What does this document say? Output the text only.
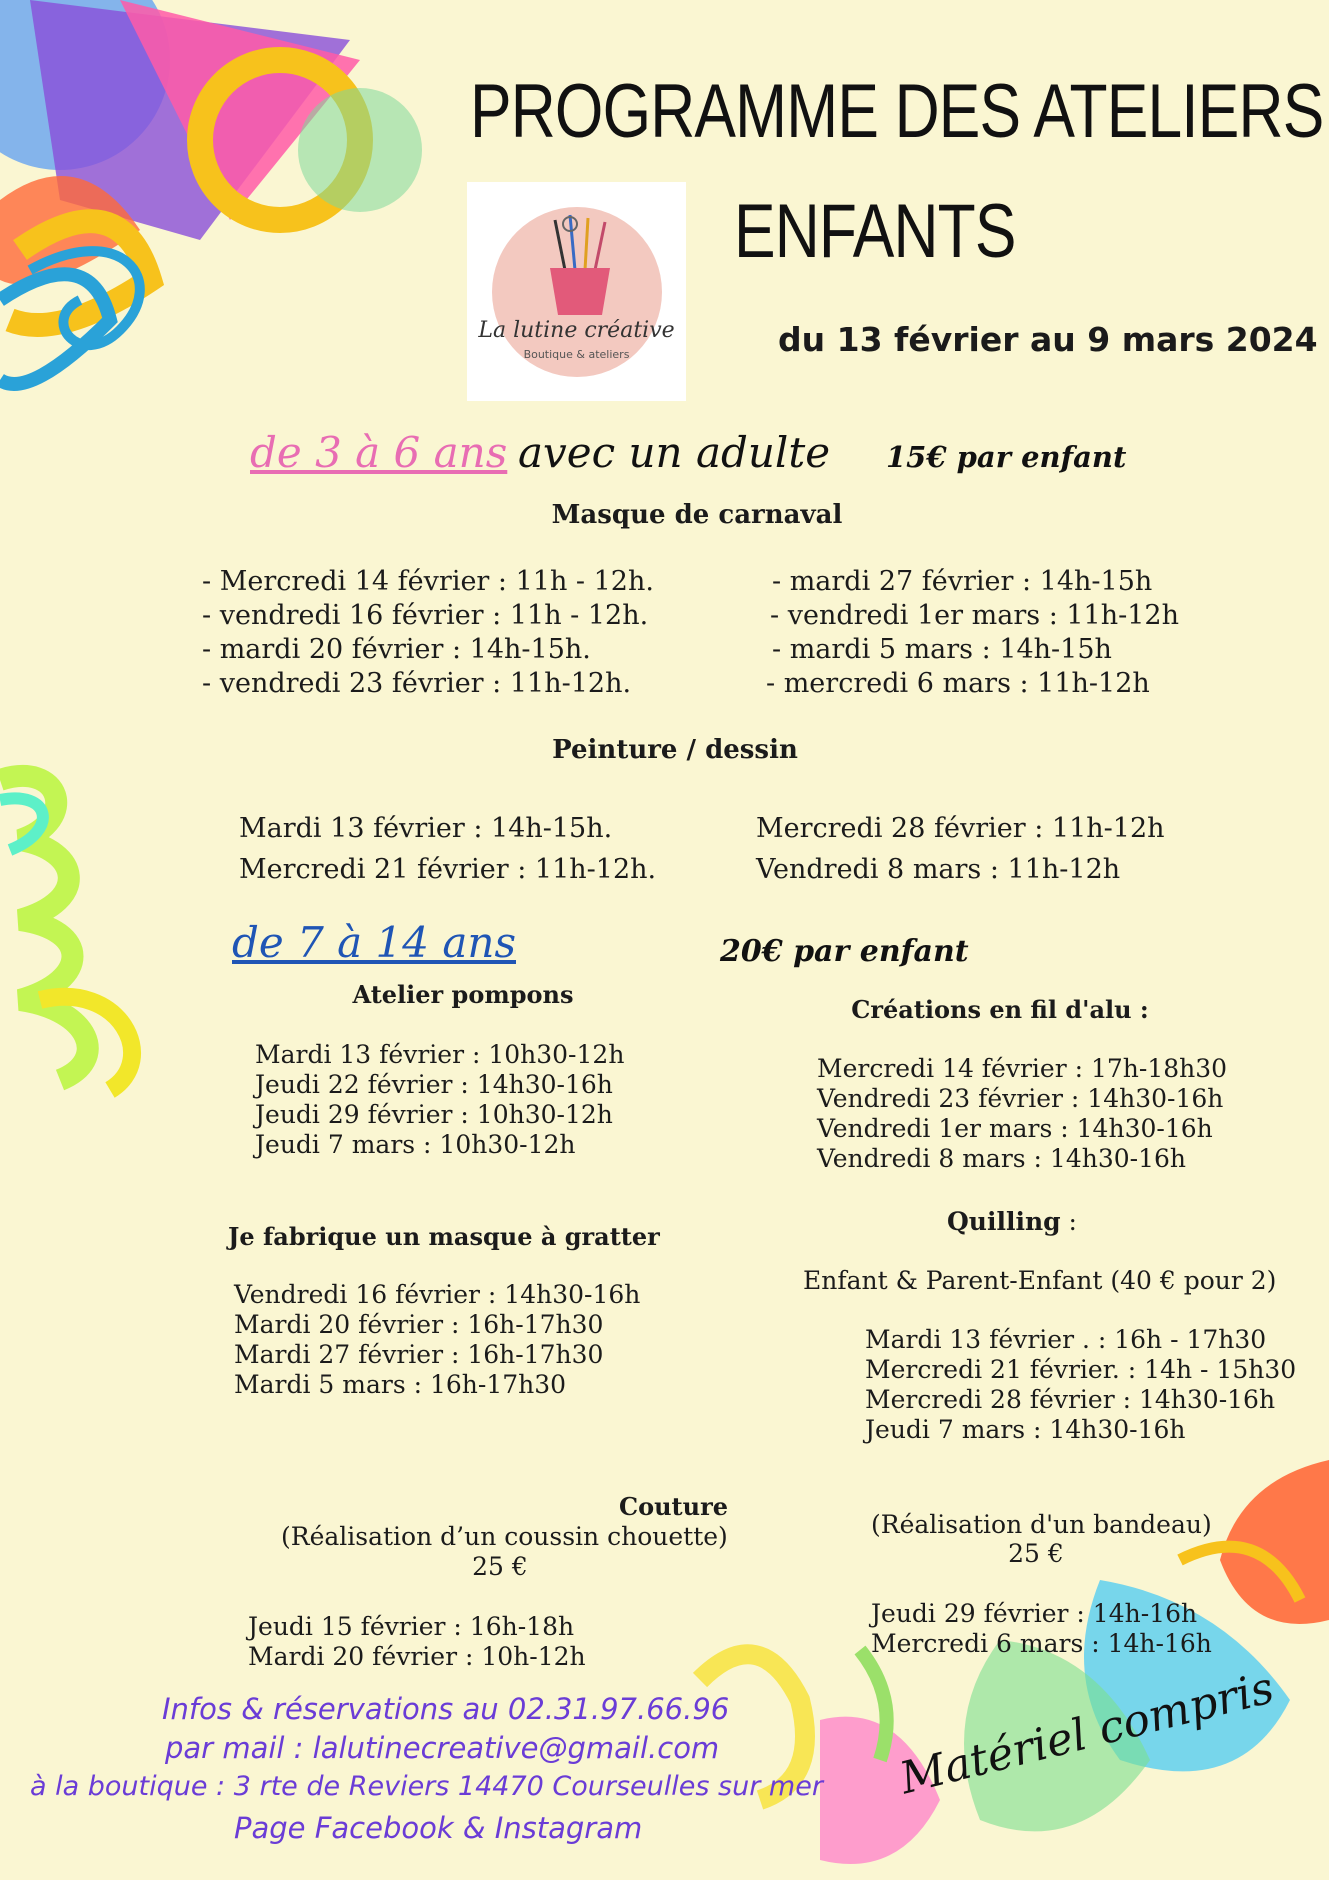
PROGRAMME DES ATELIERS
ENFANTS
La lutine créative
Boutique & ateliers	du 13 février au 9 mars 2024
de 3 à 6 ans avec un adulte 15€ par enfant
Masque de carnaval
- Mercredi 14 février : 11h - 12h.
- vendredi 16 février : 11h - 12h.
- mardi 20 février : 14h-15h.
- vendredi 23 février : 11h-12h.
- mardi 27 février : 14h-15h
- vendredi 1er mars : 11h-12h
- mardi 5 mars : 14h-15h
- mercredi 6 mars : 11h-12h
Peinture / dessin
Mardi 13 février : 14h-15h.
Mercredi 21 février : 11h-12h.
Mercredi 28 février : 11h-12h
Vendredi 8 mars : 11h-12h
de 7 à 14 ans	20€ par enfant
Atelier pompons
Mardi 13 février : 10h30-12h
Jeudi 22 février : 14h30-16h
Jeudi 29 février : 10h30-12h
Jeudi 7 mars : 10h30-12h
Créations en fil d'alu :
Mercredi 14 février : 17h-18h30
Vendredi 23 février : 14h30-16h
Vendredi 1er mars : 14h30-16h
Vendredi 8 mars : 14h30-16h
Je fabrique un masque à gratter
Vendredi 16 février : 14h30-16h
Mardi 20 février : 16h-17h30
Mardi 27 février : 16h-17h30
Mardi 5 mars : 16h-17h30
Quilling :
Enfant & Parent-Enfant (40 € pour 2)
Mardi 13 février . : 16h - 17h30
Mercredi 21 février. : 14h - 15h30
Mercredi 28 février : 14h30-16h
Jeudi 7 mars : 14h30-16h
Couture
(Réalisation d’un coussin chouette)
25 €
Jeudi 15 février : 16h-18h
Mardi 20 février : 10h-12h
(Réalisation d'un bandeau)
25 €
Jeudi 29 février : 14h-16h
Mercredi 6 mars : 14h-16h
Infos & réservations au 02.31.97.66.96
par mail : lalutinecreative@gmail.com
à la boutique : 3 rte de Reviers 14470 Courseulles sur mer
Page Facebook & Instagram
Matériel compris
